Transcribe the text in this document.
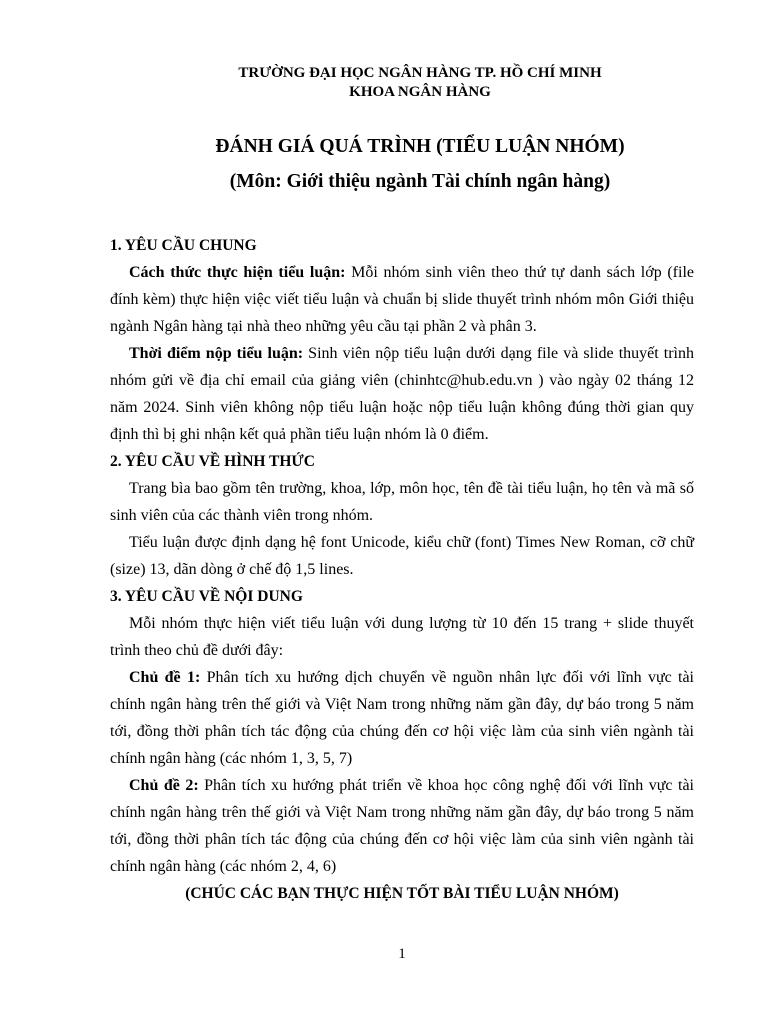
TRƯỜNG ĐẠI HỌC NGÂN HÀNG TP. HỒ CHÍ MINH
KHOA NGÂN HÀNG
ĐÁNH GIÁ QUÁ TRÌNH (TIỂU LUẬN NHÓM)
(Môn: Giới thiệu ngành Tài chính ngân hàng)

1. YÊU CẦU CHUNG

Cách thức thực hiện tiểu luận: Mỗi nhóm sinh viên theo thứ tự danh sách lớp (file đính kèm) thực hiện việc viết tiểu luận và chuẩn bị slide thuyết trình nhóm môn Giới thiệu ngành Ngân hàng tại nhà theo những yêu cầu tại phần 2 và phân 3.

Thời điểm nộp tiểu luận: Sinh viên nộp tiểu luận dưới dạng file và slide thuyết trình nhóm gửi về địa chỉ email của giảng viên (chinhtc@hub.edu.vn ) vào ngày 02 tháng 12 năm 2024. Sinh viên không nộp tiểu luận hoặc nộp tiểu luận không đúng thời gian quy định thì bị ghi nhận kết quả phần tiểu luận nhóm là 0 điểm.

2. YÊU CẦU VỀ HÌNH THỨC

Trang bìa bao gồm tên trường, khoa, lớp, môn học, tên đề tài tiểu luận, họ tên và mã số sinh viên của các thành viên trong nhóm.

Tiểu luận được định dạng hệ font Unicode, kiểu chữ (font) Times New Roman, cỡ chữ (size) 13, dãn dòng ở chế độ 1,5 lines.

3. YÊU CẦU VỀ NỘI DUNG

Mỗi nhóm thực hiện viết tiểu luận với dung lượng từ 10 đến 15 trang + slide thuyết trình theo chủ đề dưới đây:

Chủ đề 1: Phân tích xu hướng dịch chuyển về nguồn nhân lực đối với lĩnh vực tài chính ngân hàng trên thế giới và Việt Nam trong những năm gần đây, dự báo trong 5 năm tới, đồng thời phân tích tác động của chúng đến cơ hội việc làm của sinh viên ngành tài chính ngân hàng (các nhóm 1, 3, 5, 7)

Chủ đề 2: Phân tích xu hướng phát triển về khoa học công nghệ đối với lĩnh vực tài chính ngân hàng trên thế giới và Việt Nam trong những năm gần đây, dự báo trong 5 năm tới, đồng thời phân tích tác động của chúng đến cơ hội việc làm của sinh viên ngành tài chính ngân hàng (các nhóm 2, 4, 6)

(CHÚC CÁC BẠN THỰC HIỆN TỐT BÀI TIỂU LUẬN NHÓM)

1
